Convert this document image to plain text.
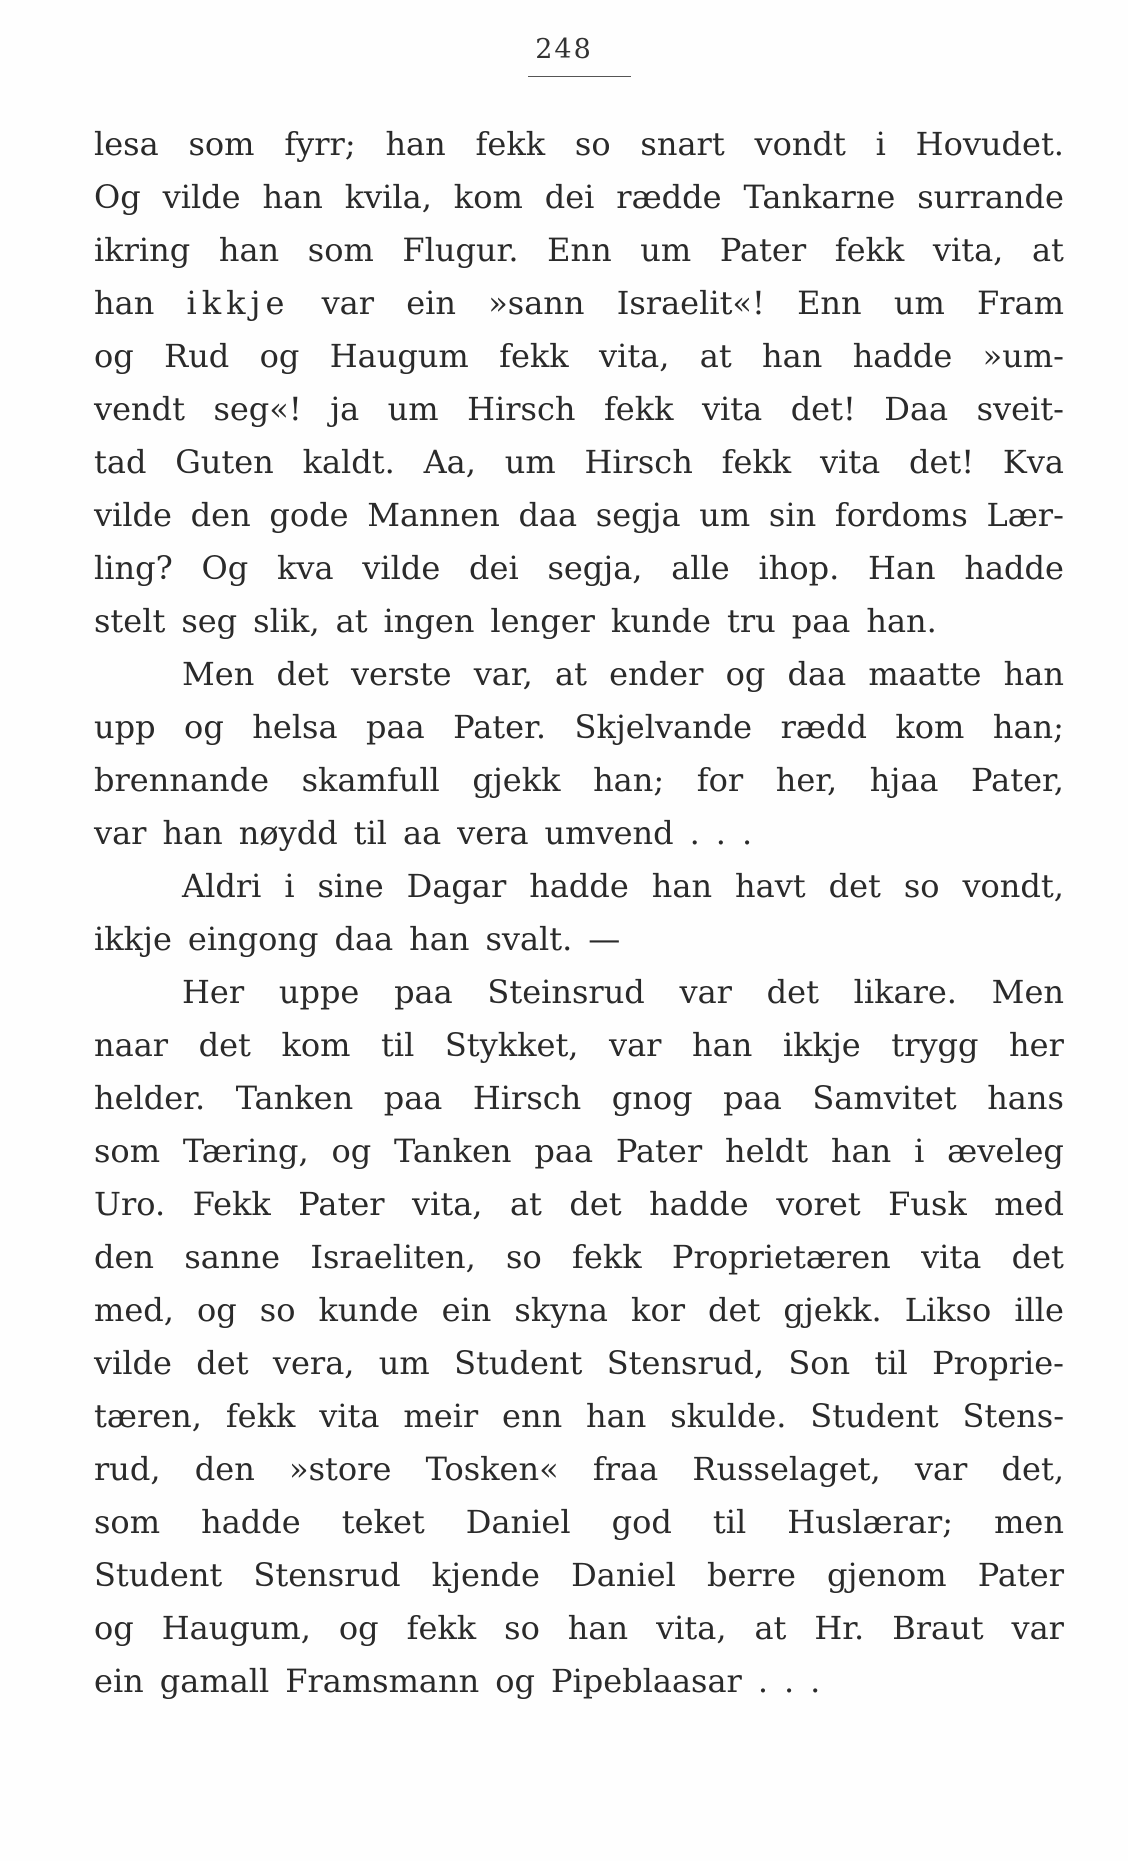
248
lesa som fyrr; han fekk so snart vondt i Hovudet.
Og vilde han kvila, kom dei rædde Tankarne surrande
ikring han som Flugur. Enn um Pater fekk vita, at
han ikkje var ein »sann Israelit«! Enn um Fram
og Rud og Haugum fekk vita, at han hadde »um-
vendt seg«! ja um Hirsch fekk vita det! Daa sveit-
tad Guten kaldt. Aa, um Hirsch fekk vita det! Kva
vilde den gode Mannen daa segja um sin fordoms Lær-
ling? Og kva vilde dei segja, alle ihop. Han hadde
stelt seg slik, at ingen lenger kunde tru paa han.
Men det verste var, at ender og daa maatte han
upp og helsa paa Pater. Skjelvande rædd kom han;
brennande skamfull gjekk han; for her, hjaa Pater,
var han nøydd til aa vera umvend . . .
Aldri i sine Dagar hadde han havt det so vondt,
ikkje eingong daa han svalt. —
Her uppe paa Steinsrud var det likare. Men
naar det kom til Stykket, var han ikkje trygg her
helder. Tanken paa Hirsch gnog paa Samvitet hans
som Tæring, og Tanken paa Pater heldt han i æveleg
Uro. Fekk Pater vita, at det hadde voret Fusk med
den sanne Israeliten, so fekk Proprietæren vita det
med, og so kunde ein skyna kor det gjekk. Likso ille
vilde det vera, um Student Stensrud, Son til Proprie-
tæren, fekk vita meir enn han skulde. Student Stens-
rud, den »store Tosken« fraa Russelaget, var det,
som hadde teket Daniel god til Huslærar; men
Student Stensrud kjende Daniel berre gjenom Pater
og Haugum, og fekk so han vita, at Hr. Braut var
ein gamall Framsmann og Pipeblaasar . . .
